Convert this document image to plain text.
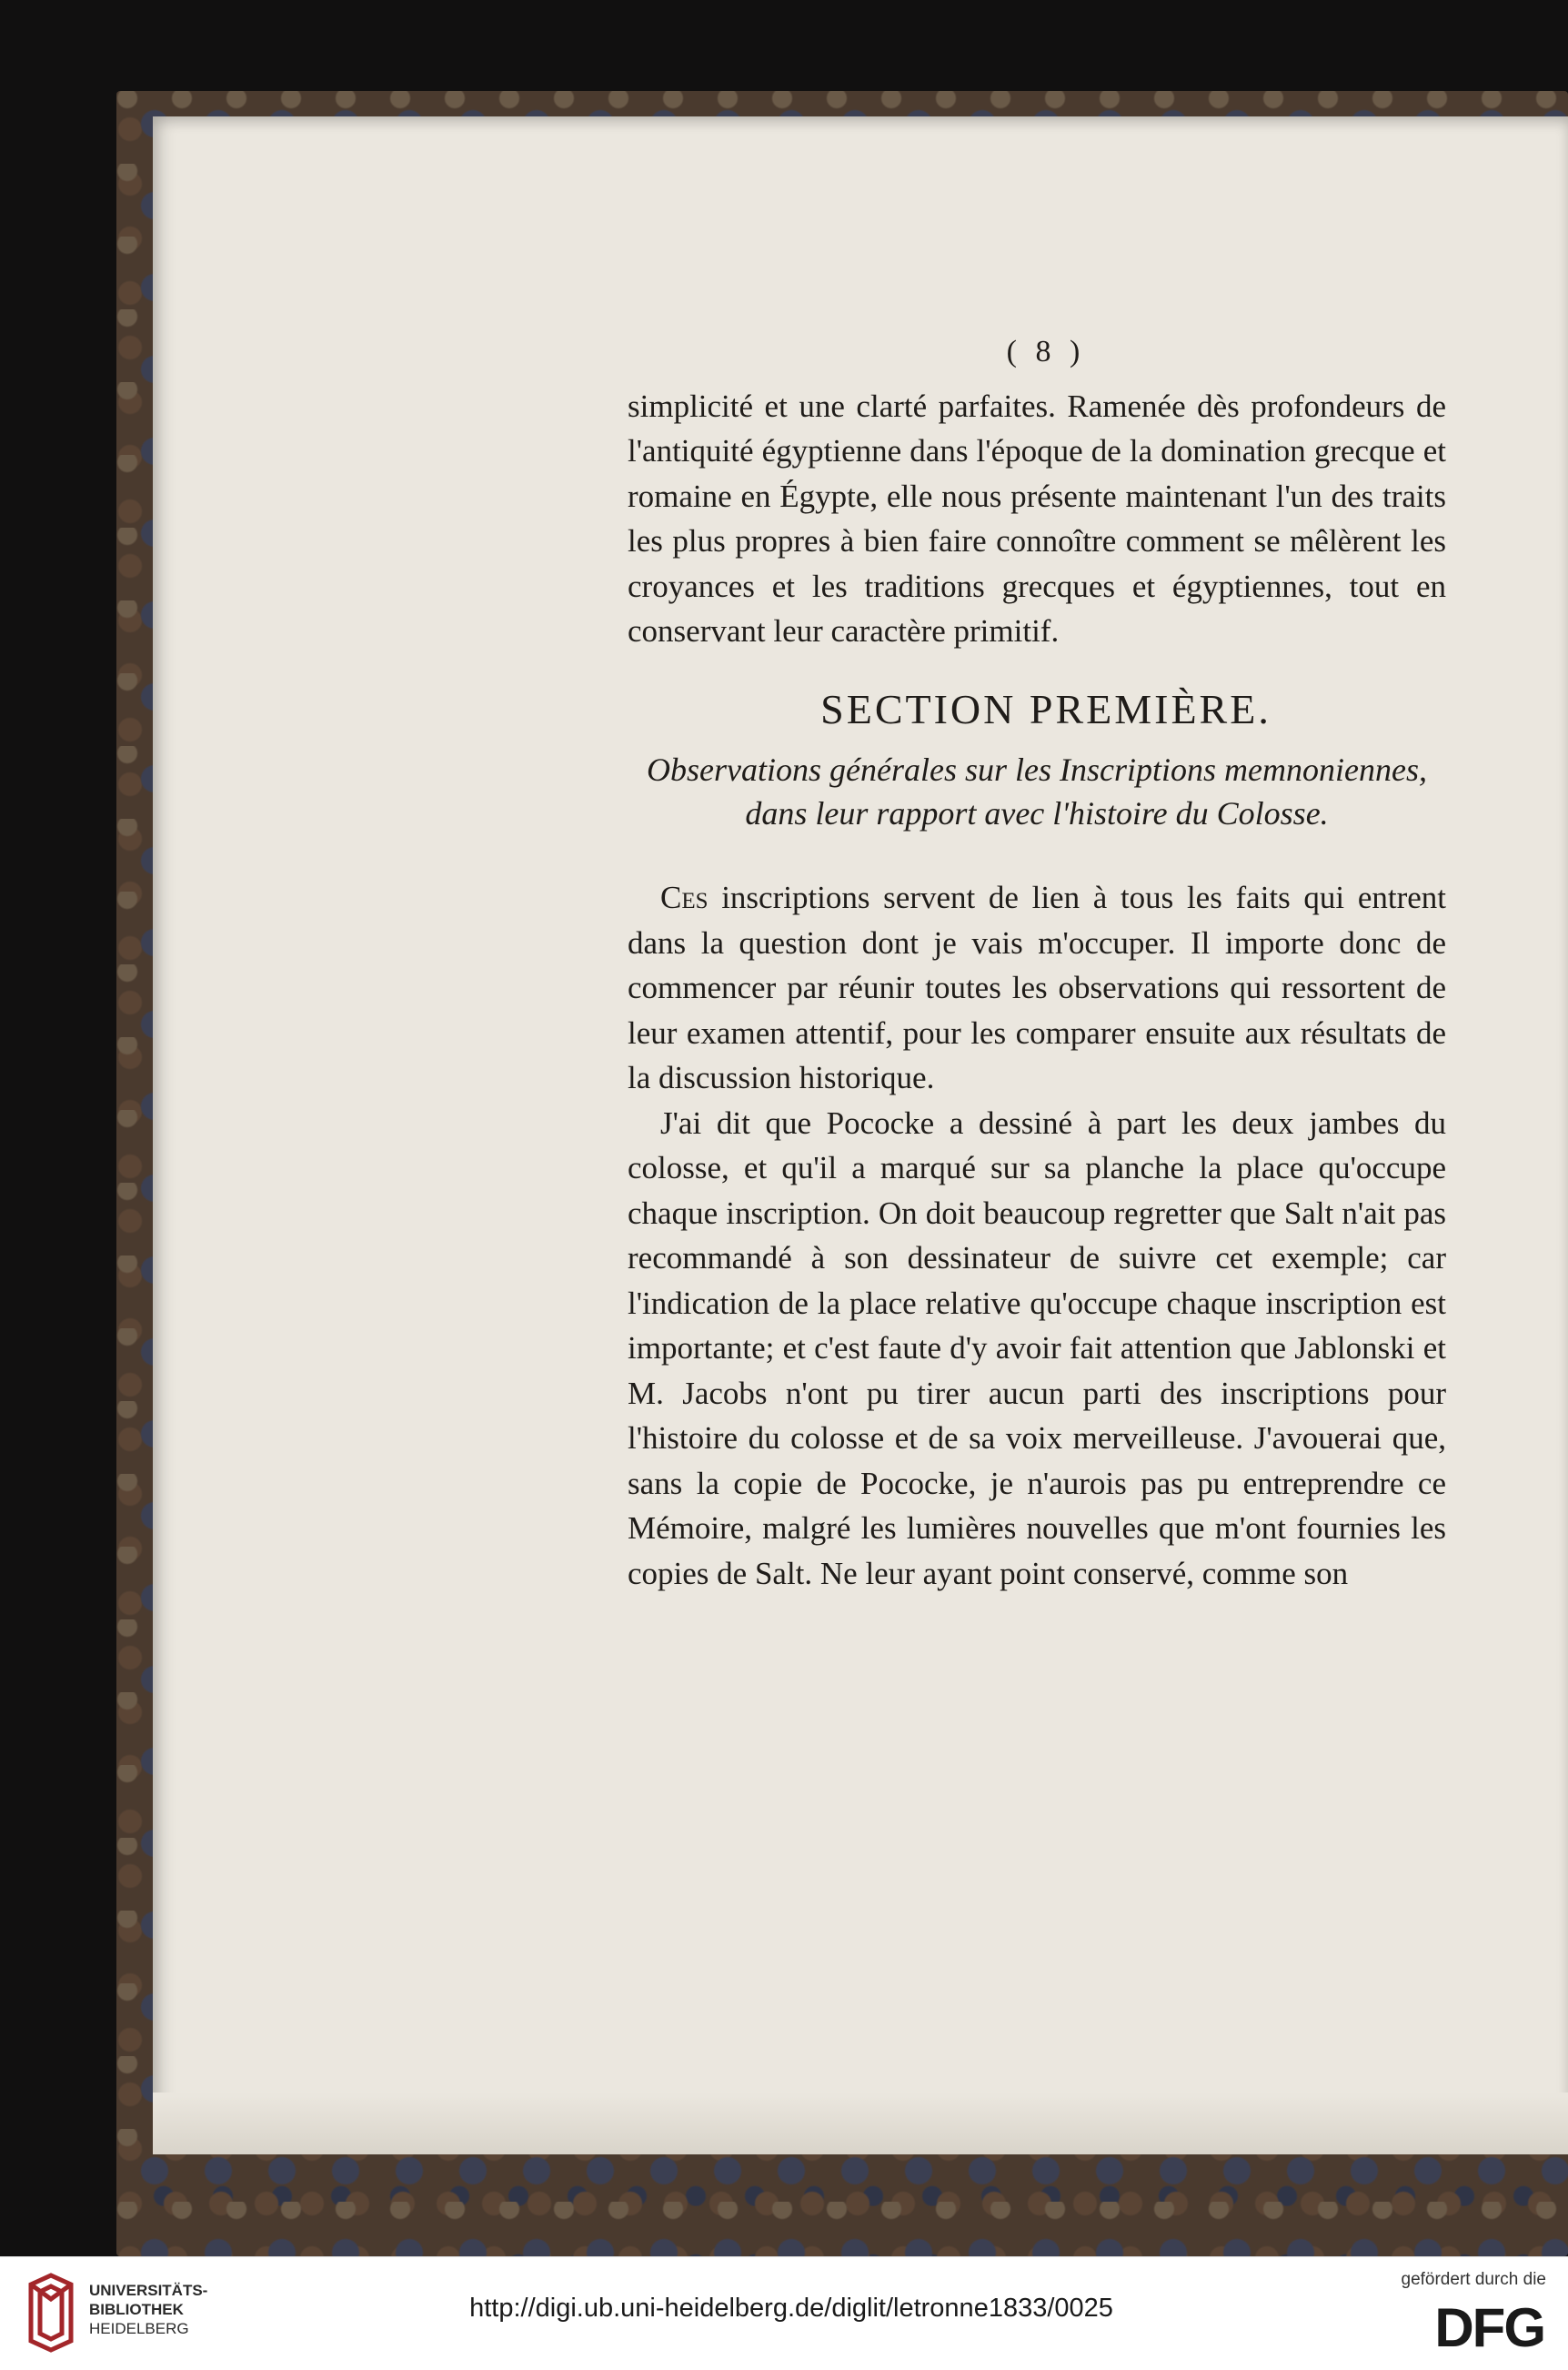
( 8 )

simplicité et une clarté parfaites. Ramenée dès profondeurs de l'antiquité égyptienne dans l'époque de la domination grecque et romaine en Égypte, elle nous présente maintenant l'un des traits les plus propres à bien faire connoître comment se mêlèrent les croyances et les traditions grecques et égyptiennes, tout en conservant leur caractère primitif.

SECTION PREMIÈRE.
Observations générales sur les Inscriptions memnoniennes,
dans leur rapport avec l'histoire du Colosse.

Ces inscriptions servent de lien à tous les faits qui entrent dans la question dont je vais m'occuper. Il importe donc de commencer par réunir toutes les observations qui ressortent de leur examen attentif, pour les comparer ensuite aux résultats de la discussion historique.

J'ai dit que Pococke a dessiné à part les deux jambes du colosse, et qu'il a marqué sur sa planche la place qu'occupe chaque inscription. On doit beaucoup regretter que Salt n'ait pas recommandé à son dessinateur de suivre cet exemple; car l'indication de la place relative qu'occupe chaque inscription est importante; et c'est faute d'y avoir fait attention que Jablonski et M. Jacobs n'ont pu tirer aucun parti des inscriptions pour l'histoire du colosse et de sa voix merveilleuse. J'avouerai que, sans la copie de Pococke, je n'aurois pas pu entreprendre ce Mémoire, malgré les lumières nouvelles que m'ont fournies les copies de Salt. Ne leur ayant point conservé, comme son

UNIVERSITÄTS-
BIBLIOTHEK
HEIDELBERG
http://digi.ub.uni-heidelberg.de/diglit/letronne1833/0025
gefördert durch die
DFG
